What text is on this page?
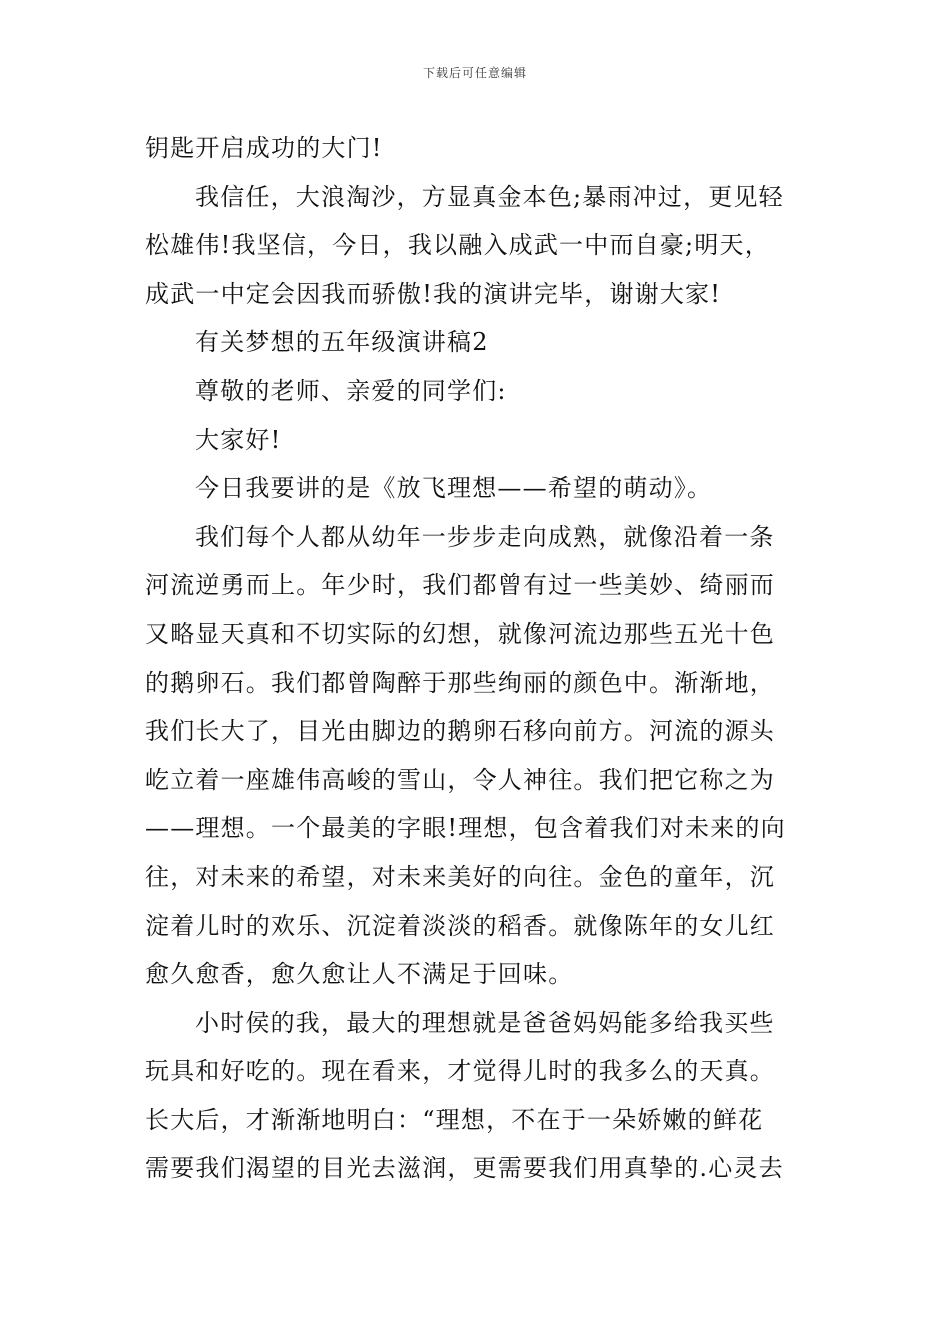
下载后可任意编辑
钥匙开启成功的大门!
我信任，大浪淘沙，方显真金本色;暴雨冲过，更见轻
松雄伟!我坚信，今日，我以融入成武一中而自豪;明天，
成武一中定会因我而骄傲!我的演讲完毕，谢谢大家!
有关梦想的五年级演讲稿2
尊敬的老师、亲爱的同学们:
大家好!
今日我要讲的是《放飞理想——希望的萌动》。
我们每个人都从幼年一步步走向成熟，就像沿着一条
河流逆勇而上。年少时，我们都曾有过一些美妙、绮丽而
又略显天真和不切实际的幻想，就像河流边那些五光十色
的鹅卵石。我们都曾陶醉于那些绚丽的颜色中。渐渐地，
我们长大了，目光由脚边的鹅卵石移向前方。河流的源头
屹立着一座雄伟高峻的雪山，令人神往。我们把它称之为
——理想。一个最美的字眼!理想，包含着我们对未来的向
往，对未来的希望，对未来美好的向往。金色的童年，沉
淀着儿时的欢乐、沉淀着淡淡的稻香。就像陈年的女儿红
愈久愈香，愈久愈让人不满足于回味。
小时侯的我，最大的理想就是爸爸妈妈能多给我买些
玩具和好吃的。现在看来，才觉得儿时的我多么的天真。
长大后，才渐渐地明白：“理想，不在于一朵娇嫩的鲜花
需要我们渴望的目光去滋润，更需要我们用真挚的.心灵去
